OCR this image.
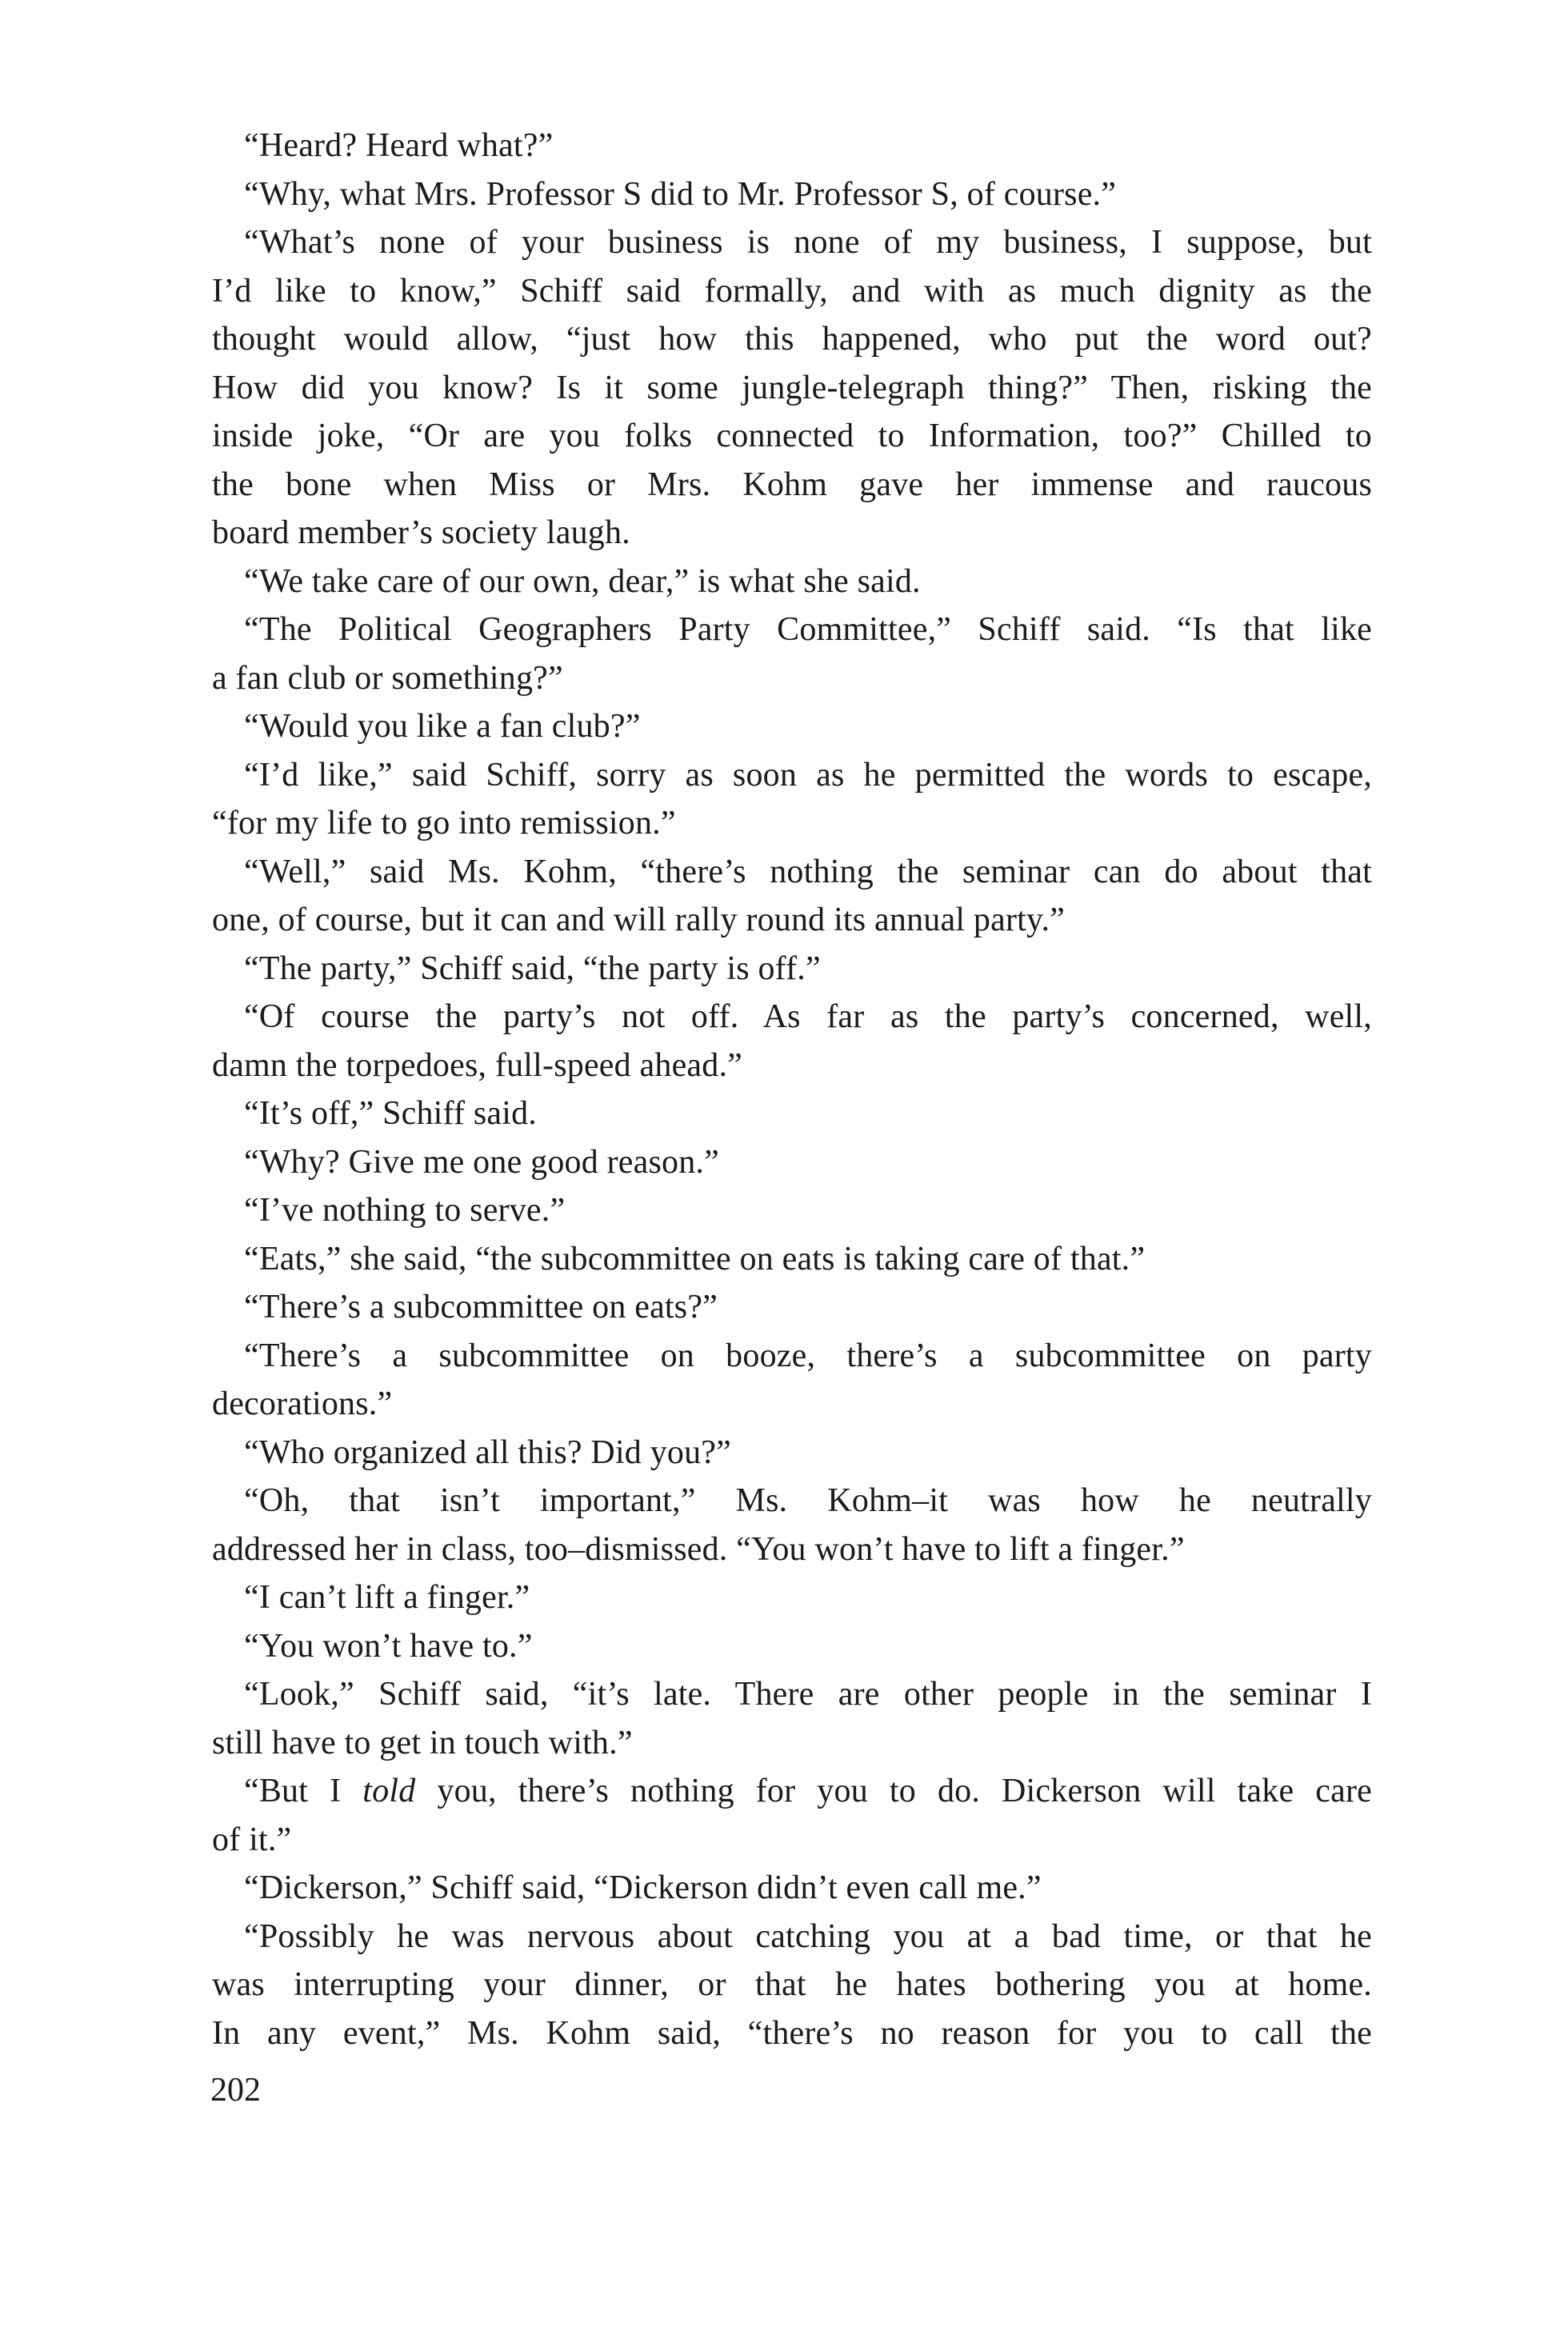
“Heard? Heard what?”
“Why, what Mrs. Professor S did to Mr. Professor S, of course.”
“What’s none of your business is none of my business, I suppose, but
I’d like to know,” Schiff said formally, and with as much dignity as the
thought would allow, “just how this happened, who put the word out?
How did you know? Is it some jungle-telegraph thing?” Then, risking the
inside joke, “Or are you folks connected to Information, too?” Chilled to
the bone when Miss or Mrs. Kohm gave her immense and raucous
board member’s society laugh.
“We take care of our own, dear,” is what she said.
“The Political Geographers Party Committee,” Schiff said. “Is that like
a fan club or something?”
“Would you like a fan club?”
“I’d like,” said Schiff, sorry as soon as he permitted the words to escape,
“for my life to go into remission.”
“Well,” said Ms. Kohm, “there’s nothing the seminar can do about that
one, of course, but it can and will rally round its annual party.”
“The party,” Schiff said, “the party is off.”
“Of course the party’s not off. As far as the party’s concerned, well,
damn the torpedoes, full-speed ahead.”
“It’s off,” Schiff said.
“Why? Give me one good reason.”
“I’ve nothing to serve.”
“Eats,” she said, “the subcommittee on eats is taking care of that.”
“There’s a subcommittee on eats?”
“There’s a subcommittee on booze, there’s a subcommittee on party
decorations.”
“Who organized all this? Did you?”
“Oh, that isn’t important,” Ms. Kohm–it was how he neutrally
addressed her in class, too–dismissed. “You won’t have to lift a finger.”
“I can’t lift a finger.”
“You won’t have to.”
“Look,” Schiff said, “it’s late. There are other people in the seminar I
still have to get in touch with.”
“But I told you, there’s nothing for you to do. Dickerson will take care
of it.”
“Dickerson,” Schiff said, “Dickerson didn’t even call me.”
“Possibly he was nervous about catching you at a bad time, or that he
was interrupting your dinner, or that he hates bothering you at home.
In any event,” Ms. Kohm said, “there’s no reason for you to call the
202
